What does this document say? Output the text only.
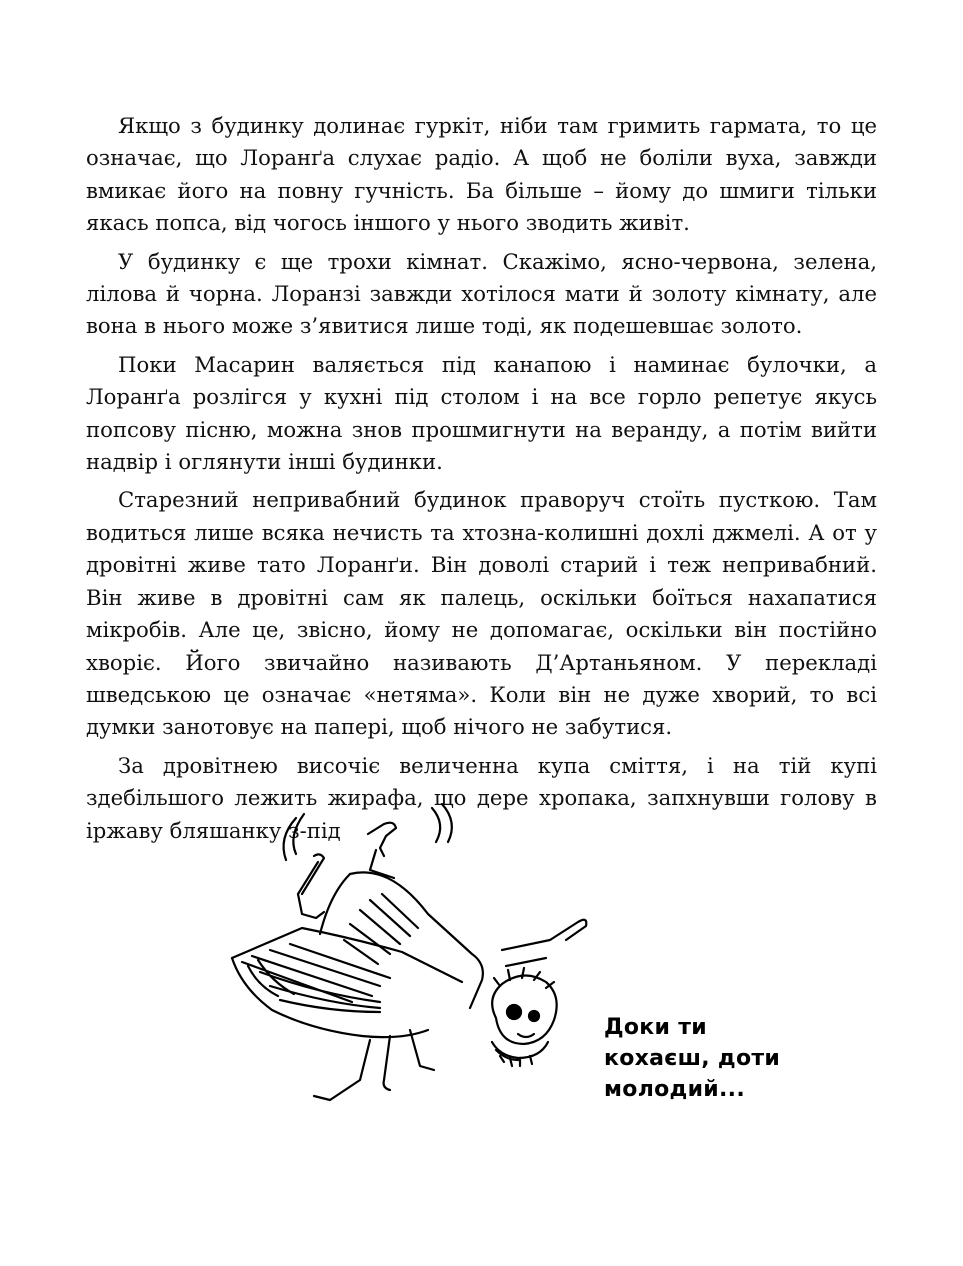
Якщо з будинку долинає гуркіт, ніби там гримить гармата, то це означає, що Лоранґа слухає радіо. А щоб не боліли вуха, завжди вмикає його на повну гучність. Ба більше – йому до шмиги тільки якась попса, від чогось іншого у нього зводить живіт.

У будинку є ще трохи кімнат. Скажімо, ясно-червона, зелена, лілова й чорна. Лоранзі завжди хотілося мати й золоту кімнату, але вона в нього може з’явитися лише тоді, як подешевшає золото.

Поки Масарин валяється під канапою і наминає булочки, а Лоранґа розлігся у кухні під столом і на все горло репетує якусь попсову пісню, можна знов прошмигнути на веранду, а потім вийти надвір і оглянути інші будинки.

Старезний непривабний будинок праворуч стоїть пусткою. Там водиться лише всяка нечисть та хтозна-колишні дохлі джмелі. А от у дровітні живе тато Лоранґи. Він доволі старий і теж непривабний. Він живе в дровітні сам як палець, оскільки боїться нахапатися мікробів. Але це, звісно, йому не допомагає, оскільки він постійно хворіє. Його звичайно називають Д’Артаньяном. У перекладі шведською це означає «нетяма». Коли він не дуже хворий, то всі думки занотовує на папері, щоб нічого не забутися.

За дровітнею височіє величенна купа сміття, і на тій купі здебільшого лежить жирафа, що дере хропака, запхнувши голову в іржаву бляшанку з-під

Доки ти
кохаєш, доти
молодий...
